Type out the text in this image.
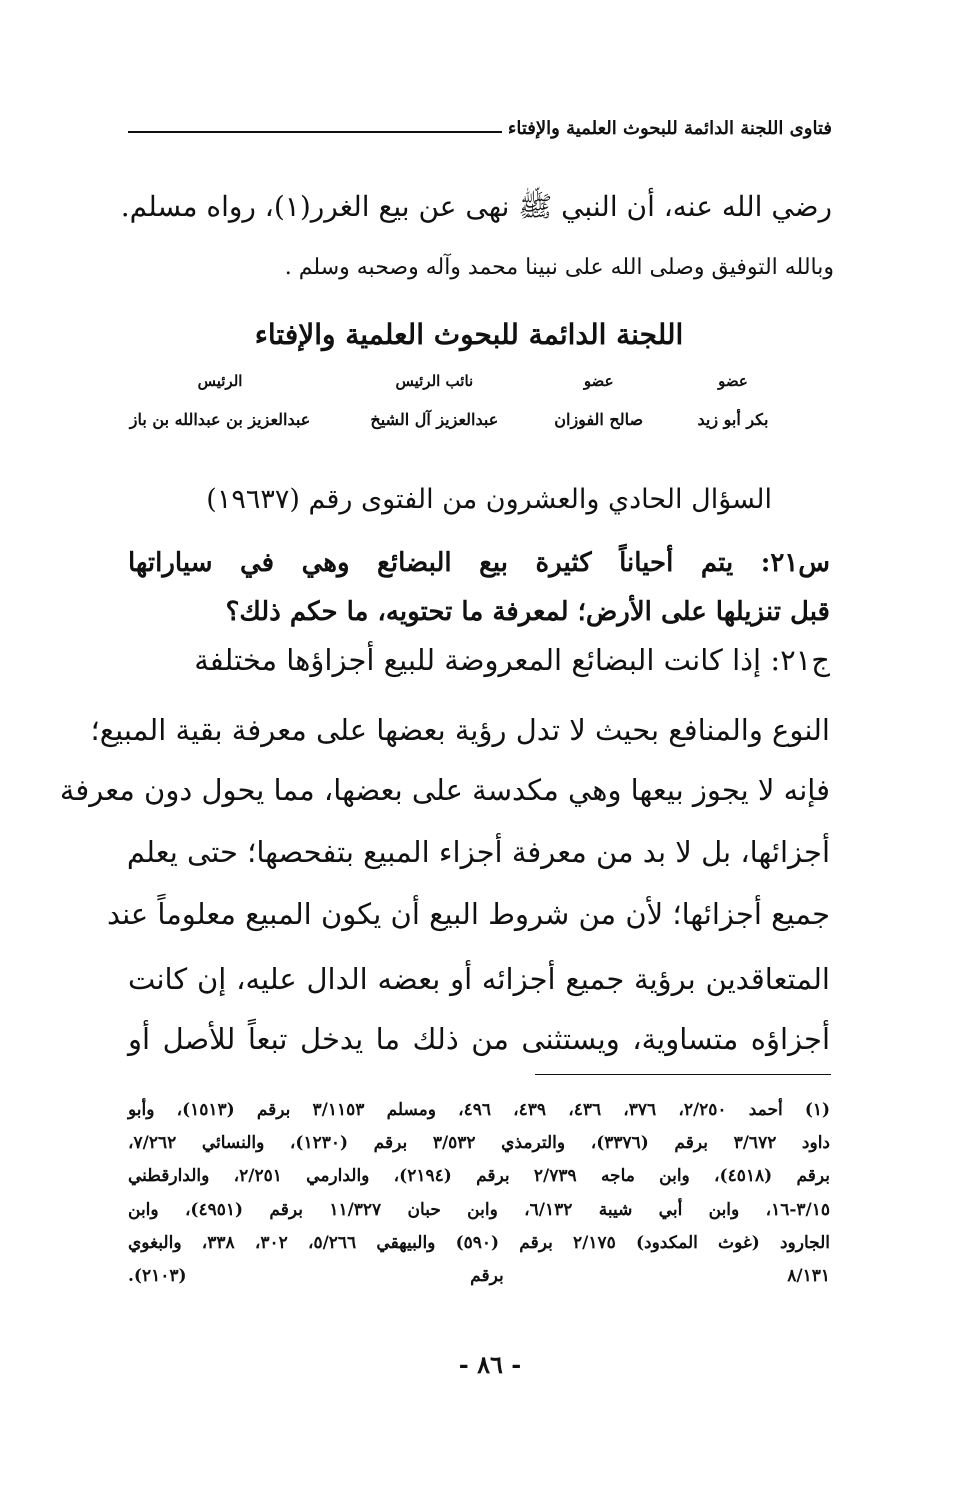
فتاوى اللجنة الدائمة للبحوث العلمية والإفتاء
رضي الله عنه، أن النبي ﷺ نهى عن بيع الغرر(١)، رواه مسلم.
وبالله التوفيق وصلى الله على نبينا محمد وآله وصحبه وسلم .
اللجنة الدائمة للبحوث العلمية والإفتاء
عضو
عضو
نائب الرئيس
الرئيس
بكر أبو زيد
صالح الفوزان
عبدالعزيز آل الشيخ
عبدالعزيز بن عبدالله بن باز
السؤال الحادي والعشرون من الفتوى رقم (١٩٦٣٧)
س٢١: يتم أحياناً كثيرة بيع البضائع وهي في سياراتها
قبل تنزيلها على الأرض؛ لمعرفة ما تحتويه، ما حكم ذلك؟
ج٢١: إذا كانت البضائع المعروضة للبيع أجزاؤها مختلفة
النوع والمنافع بحيث لا تدل رؤية بعضها على معرفة بقية المبيع؛
فإنه لا يجوز بيعها وهي مكدسة على بعضها، مما يحول دون معرفة
أجزائها، بل لا بد من معرفة أجزاء المبيع بتفحصها؛ حتى يعلم
جميع أجزائها؛ لأن من شروط البيع أن يكون المبيع معلوماً عند
المتعاقدين برؤية جميع أجزائه أو بعضه الدال عليه، إن كانت
أجزاؤه متساوية، ويستثنى من ذلك ما يدخل تبعاً للأصل أو
(١) أحمد ٢/٢٥٠، ٣٧٦، ٤٣٦، ٤٣٩، ٤٩٦، ومسلم ٣/١١٥٣ برقم (١٥١٣)، وأبو
داود ٣/٦٧٢ برقم (٣٣٧٦)، والترمذي ٣/٥٣٢ برقم (١٢٣٠)، والنسائي ٧/٢٦٢،
برقم (٤٥١٨)، وابن ماجه ٢/٧٣٩ برقم (٢١٩٤)، والدارمي ٢/٢٥١، والدارقطني
٣/١٥-١٦، وابن أبي شيبة ٦/١٣٢، وابن حبان ١١/٣٢٧ برقم (٤٩٥١)، وابن
الجارود (غوث المكدود) ٢/١٧٥ برقم (٥٩٠) والبيهقي ٥/٢٦٦، ٣٠٢، ٣٣٨، والبغوي
٨/١٣١ برقم (٢١٠٣).
- ٨٦ -
